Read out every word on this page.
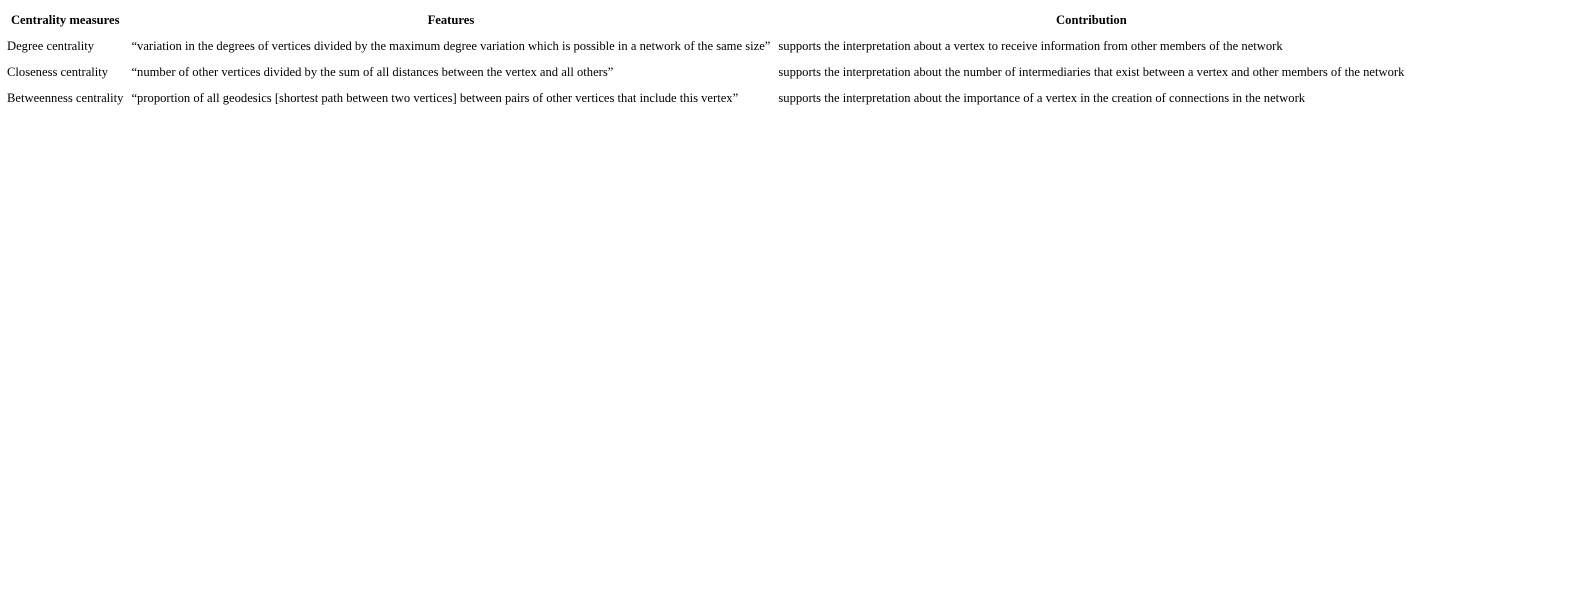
Centrality measures	Features	Contribution
Degree centrality	“variation in the degrees of vertices divided by the maximum degree variation which is possible in a network of the same size”	supports the interpretation about a vertex to receive information from other members of the network
Closeness centrality	“number of other vertices divided by the sum of all distances between the vertex and all others”	supports the interpretation about the number of intermediaries that exist between a vertex and other members of the network
Betweenness centrality	“proportion of all geodesics [shortest path between two vertices] between pairs of other vertices that include this vertex”	supports the interpretation about the importance of a vertex in the creation of connections in the network
